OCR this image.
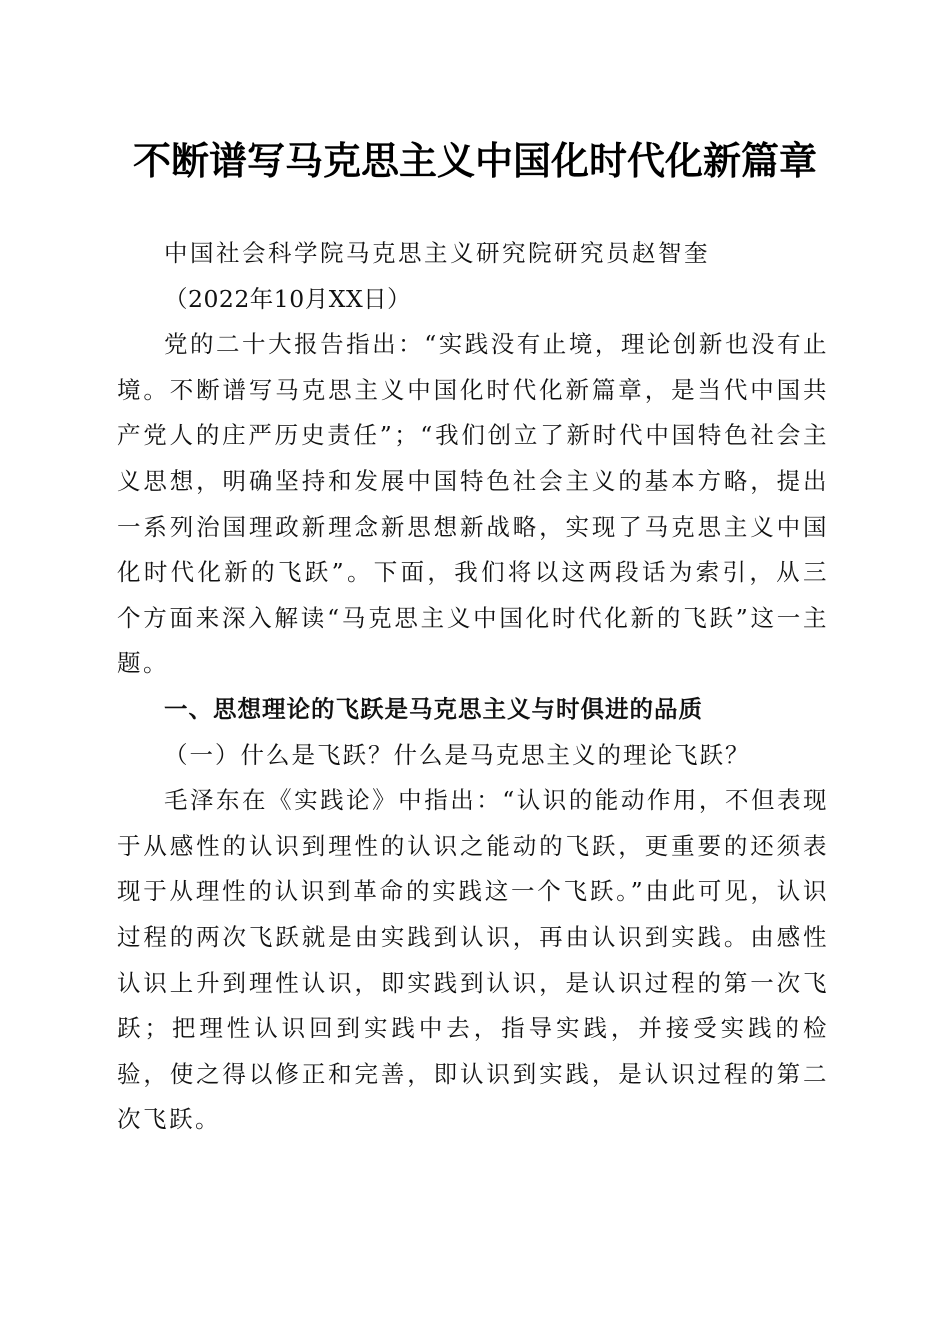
不断谱写马克思主义中国化时代化新篇章

中国社会科学院马克思主义研究院研究员赵智奎

（2022年10月XX日）

党的二十大报告指出：“实践没有止境，理论创新也没有止境。不断谱写马克思主义中国化时代化新篇章，是当代中国共产党人的庄严历史责任”；“我们创立了新时代中国特色社会主义思想，明确坚持和发展中国特色社会主义的基本方略，提出一系列治国理政新理念新思想新战略，实现了马克思主义中国化时代化新的飞跃”。下面，我们将以这两段话为索引，从三个方面来深入解读“马克思主义中国化时代化新的飞跃”这一主题。

一、思想理论的飞跃是马克思主义与时俱进的品质

（一）什么是飞跃？什么是马克思主义的理论飞跃？

毛泽东在《实践论》中指出：“认识的能动作用，不但表现于从感性的认识到理性的认识之能动的飞跃，更重要的还须表现于从理性的认识到革命的实践这一个飞跃。”由此可见，认识过程的两次飞跃就是由实践到认识，再由认识到实践。由感性认识上升到理性认识，即实践到认识，是认识过程的第一次飞跃；把理性认识回到实践中去，指导实践，并接受实践的检验，使之得以修正和完善，即认识到实践，是认识过程的第二次飞跃。
